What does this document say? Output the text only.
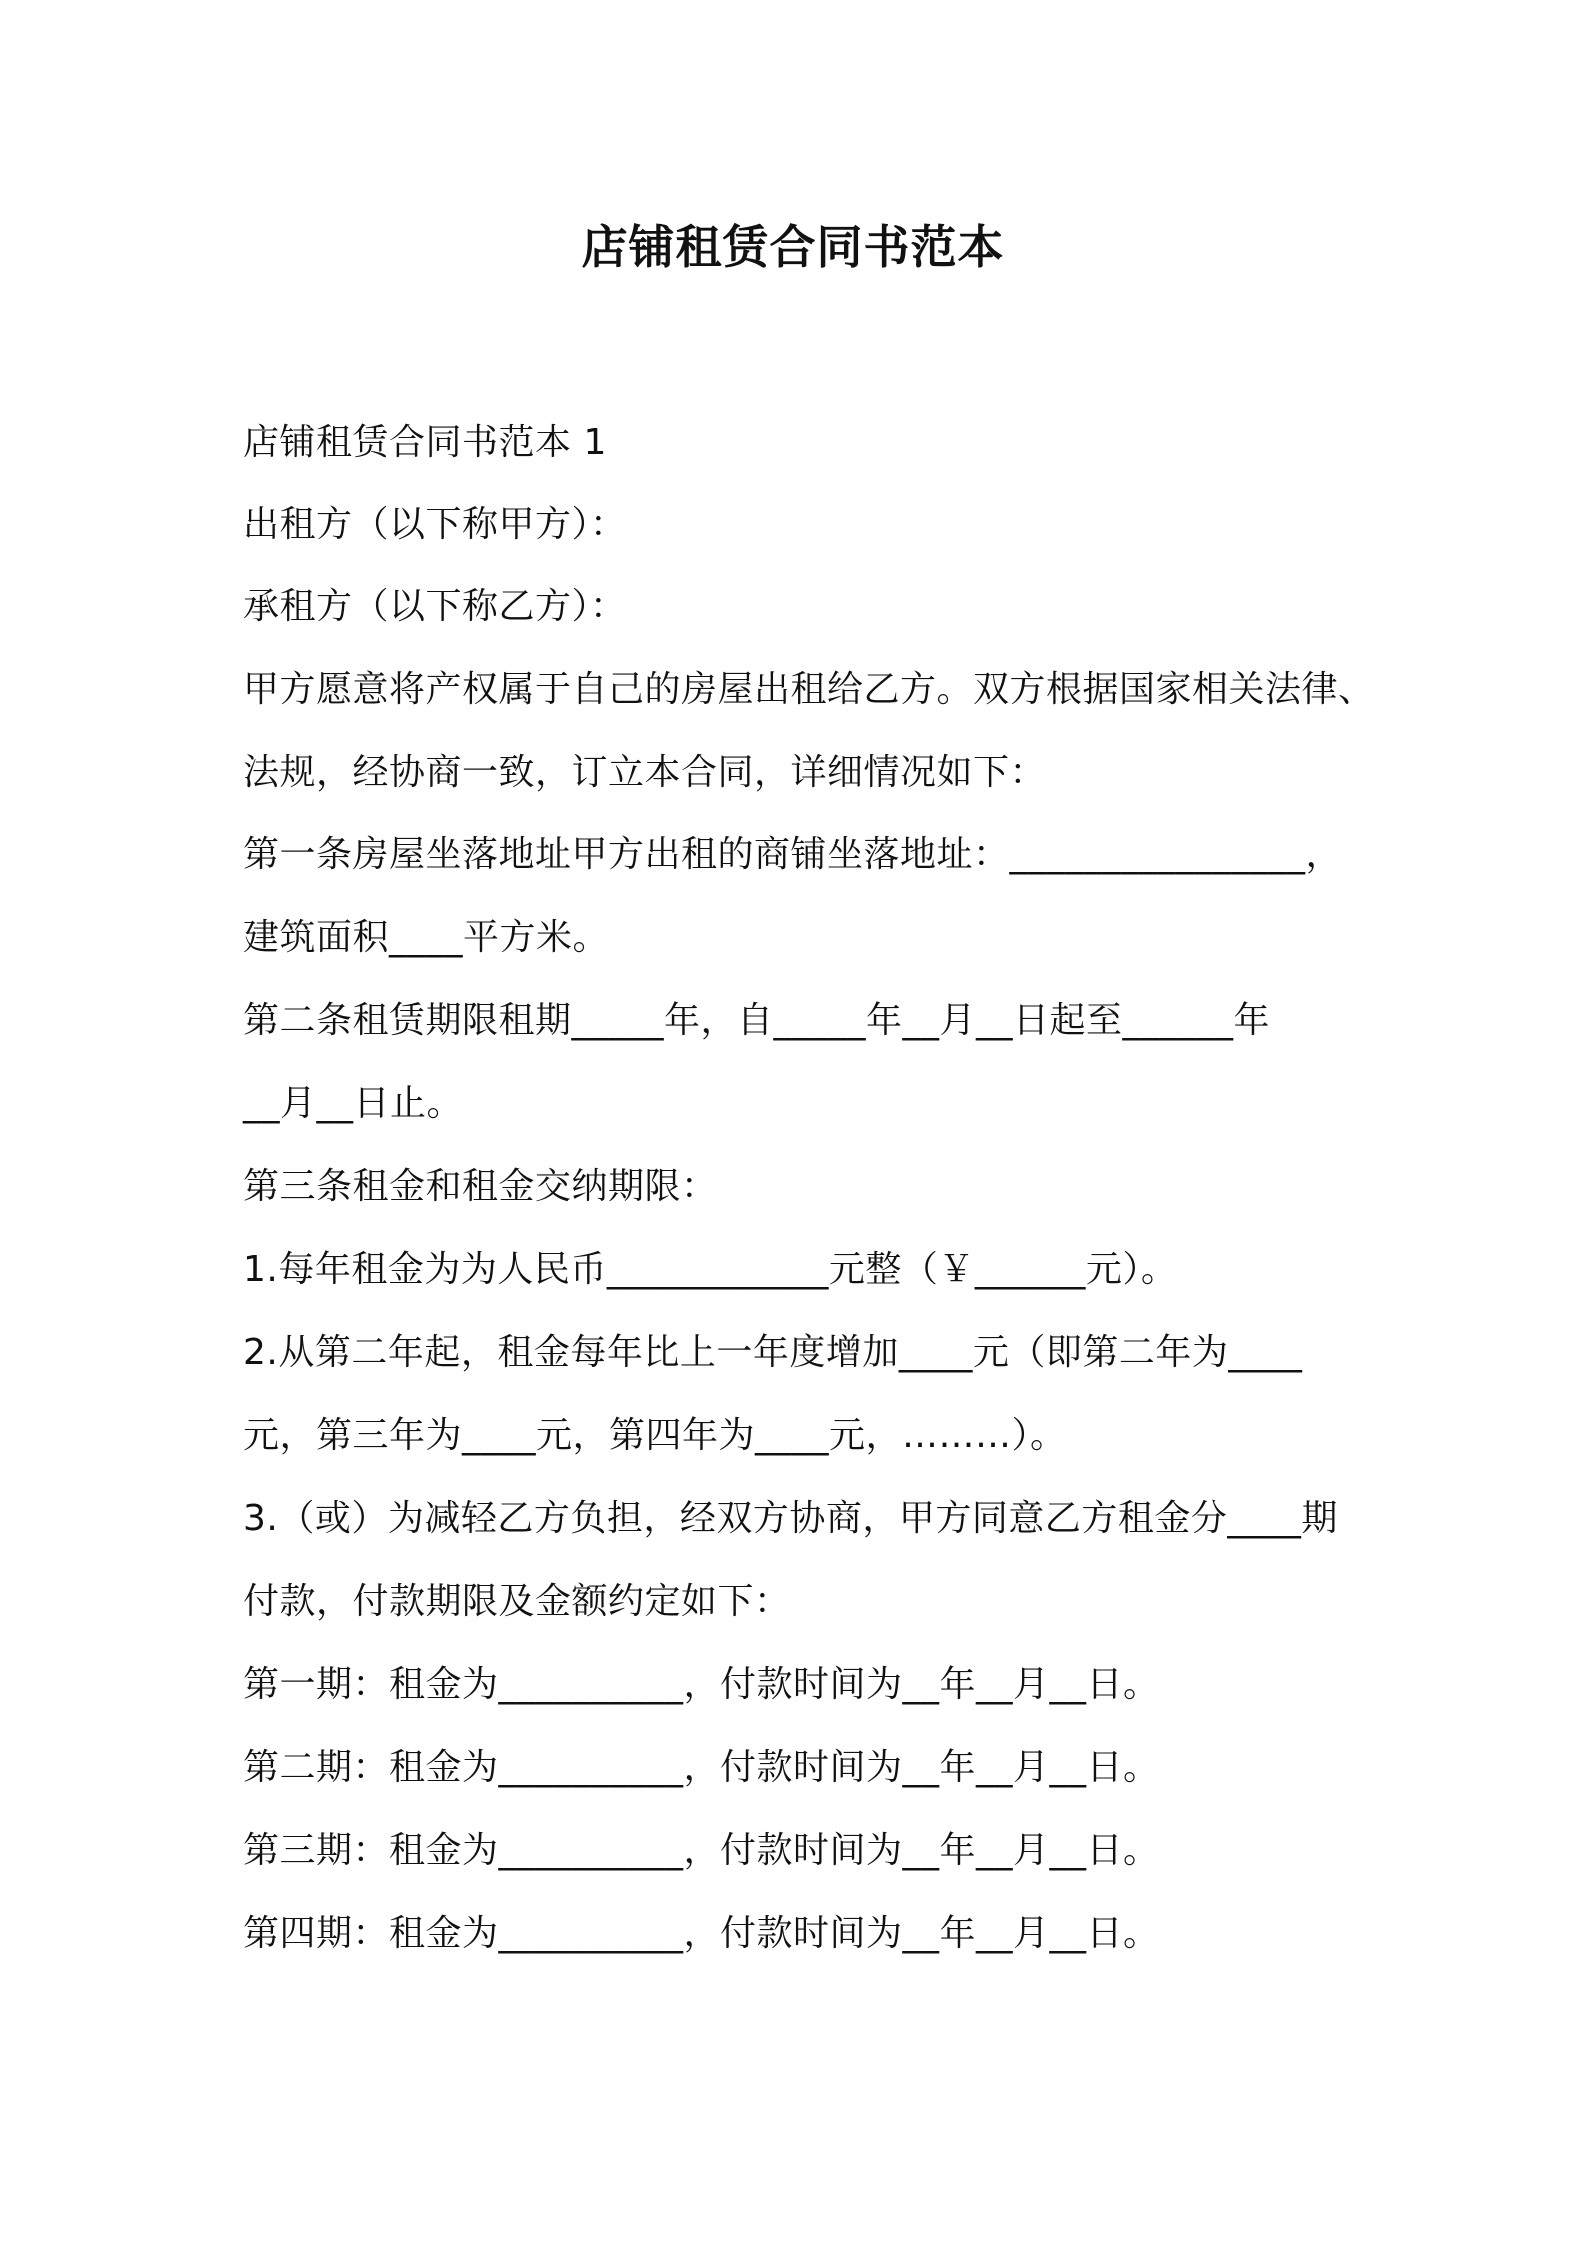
店铺租赁合同书范本
店铺租赁合同书范本 1
出租方（以下称甲方）：
承租方（以下称乙方）：
甲方愿意将产权属于自己的房屋出租给乙方。双方根据国家相关法律、
法规，经协商一致，订立本合同，详细情况如下：
第一条房屋坐落地址甲方出租的商铺坐落地址：________________，
建筑面积____平方米。
第二条租赁期限租期_____年，自_____年__月__日起至______年
__月__日止。
第三条租金和租金交纳期限：
1.每年租金为为人民币____________元整（￥______元）。
2.从第二年起，租金每年比上一年度增加____元（即第二年为____
元，第三年为____元，第四年为____元，………）。
3.（或）为减轻乙方负担，经双方协商，甲方同意乙方租金分____期
付款，付款期限及金额约定如下：
第一期：租金为__________，付款时间为__年__月__日。
第二期：租金为__________，付款时间为__年__月__日。
第三期：租金为__________，付款时间为__年__月__日。
第四期：租金为__________，付款时间为__年__月__日。
